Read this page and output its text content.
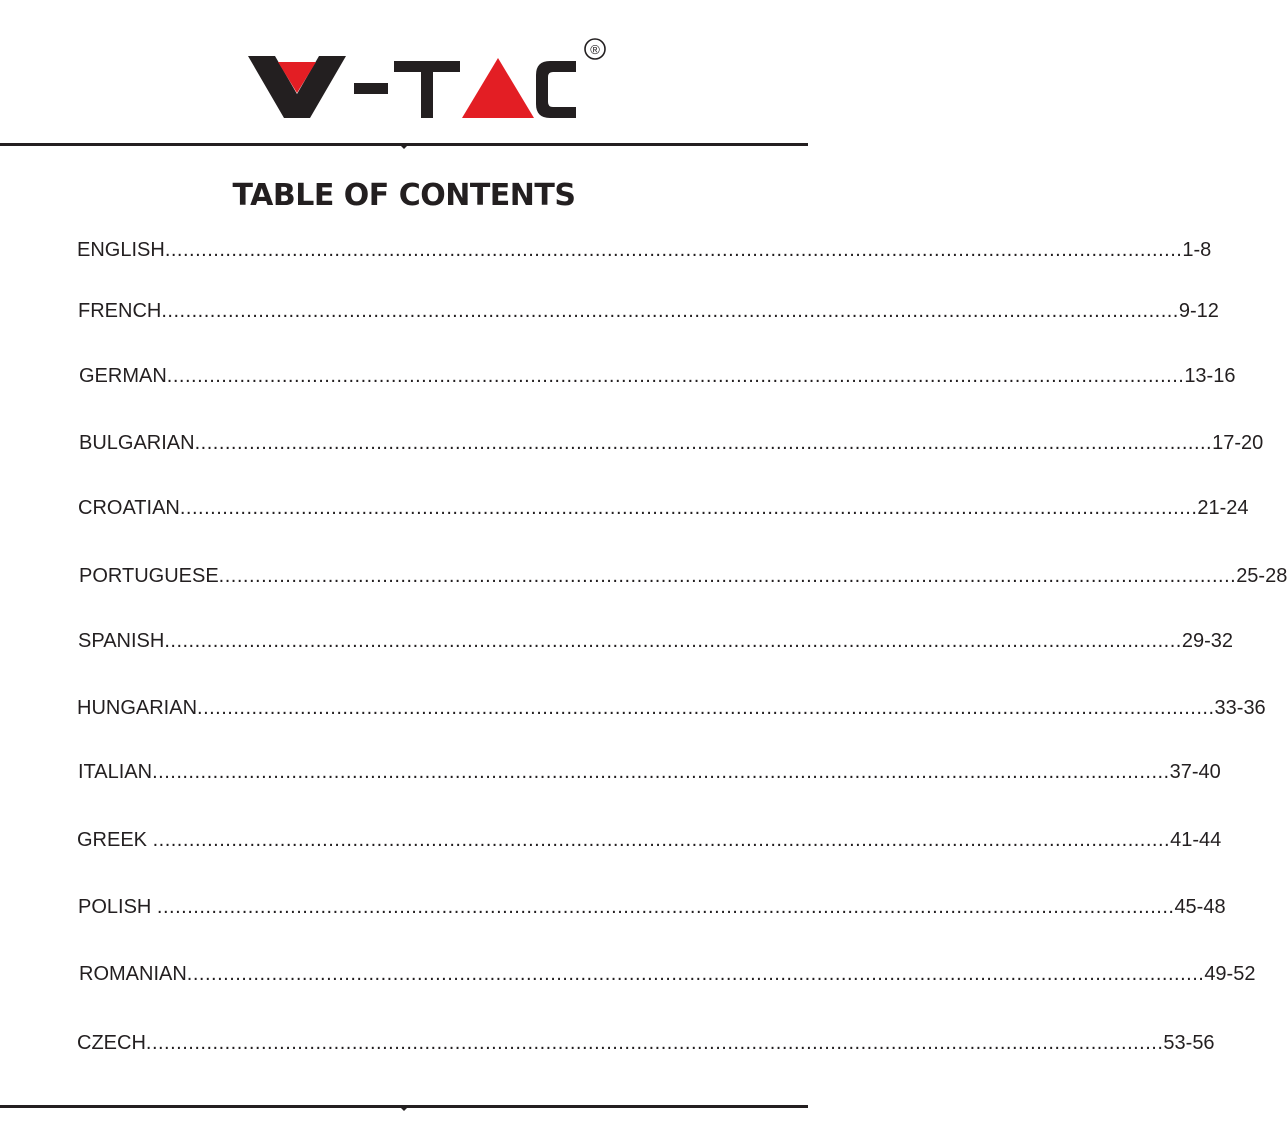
®
TABLE OF CONTENTS
ENGLISH ........................................................................................................................................................................ 1-8
FRENCH ........................................................................................................................................................................ 9-12
GERMAN ........................................................................................................................................................................ 13-16
BULGARIAN ........................................................................................................................................................................ 17-20
CROATIAN ........................................................................................................................................................................ 21-24
PORTUGUESE ........................................................................................................................................................................ 25-28
SPANISH ........................................................................................................................................................................ 29-32
HUNGARIAN ........................................................................................................................................................................ 33-36
ITALIAN ........................................................................................................................................................................ 37-40
GREEK ........................................................................................................................................................................ 41-44
POLISH ........................................................................................................................................................................ 45-48
ROMANIAN ........................................................................................................................................................................ 49-52
CZECH ........................................................................................................................................................................ 53-56
